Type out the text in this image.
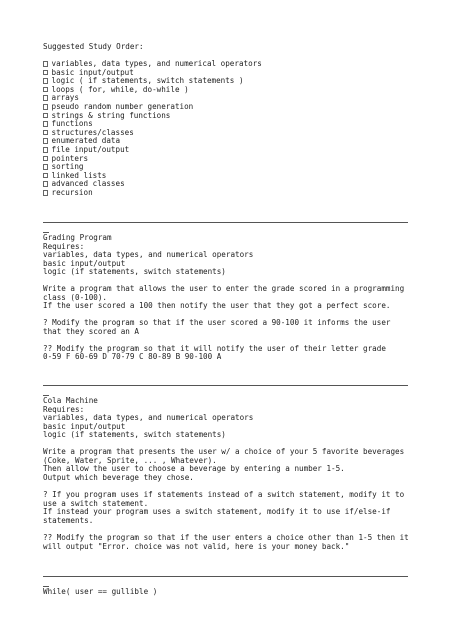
Suggested Study Order:
variables, data types, and numerical operators
basic input/output
logic ( if statements, switch statements )
loops ( for, while, do-while )
arrays
pseudo random number generation
strings & string functions
functions
structures/classes
enumerated data
file input/output
pointers
sorting
linked lists
advanced classes
recursion
Grading Program
Requires:
variables, data types, and numerical operators
basic input/output
logic (if statements, switch statements)
Write a program that allows the user to enter the grade scored in a programming
class (0-100).
If the user scored a 100 then notify the user that they got a perfect score.
? Modify the program so that if the user scored a 90-100 it informs the user
that they scored an A
?? Modify the program so that it will notify the user of their letter grade
0-59 F 60-69 D 70-79 C 80-89 B 90-100 A
Cola Machine
Requires:
variables, data types, and numerical operators
basic input/output
logic (if statements, switch statements)
Write a program that presents the user w/ a choice of your 5 favorite beverages
(Coke, Water, Sprite, ... , Whatever).
Then allow the user to choose a beverage by entering a number 1-5.
Output which beverage they chose.
? If you program uses if statements instead of a switch statement, modify it to
use a switch statement.
If instead your program uses a switch statement, modify it to use if/else-if
statements.
?? Modify the program so that if the user enters a choice other than 1-5 then it
will output "Error. choice was not valid, here is your money back."
While( user == gullible )
